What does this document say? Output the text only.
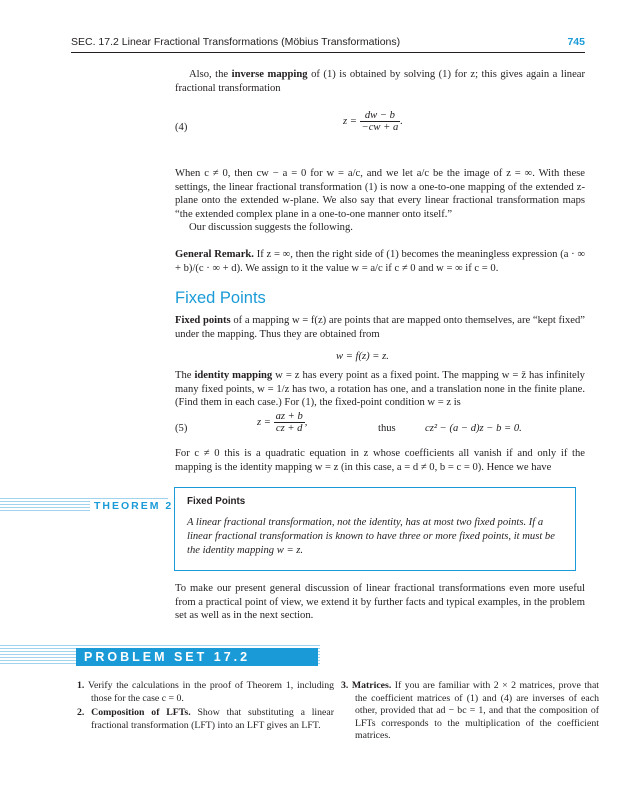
SEC. 17.2 Linear Fractional Transformations (Möbius Transformations)	745
Also, the inverse mapping of (1) is obtained by solving (1) for z; this gives again a linear fractional transformation
(4)
$z = \frac{dw - b}{-cw + a}$ .
When c ≠ 0, then cw − a = 0 for w = a/c, and we let a/c be the image of z = ∞. With these settings, the linear fractional transformation (1) is now a one-to-one mapping of the extended z-plane onto the extended w-plane. We also say that every linear fractional transformation maps “the extended complex plane in a one-to-one manner onto itself.”
Our discussion suggests the following.
General Remark. If z = ∞, then the right side of (1) becomes the meaningless expression (a · ∞ + b)/(c · ∞ + d). We assign to it the value w = a/c if c ≠ 0 and w = ∞ if c = 0.
Fixed Points
Fixed points of a mapping w = f(z) are points that are mapped onto themselves, are “kept fixed” under the mapping. Thus they are obtained from
w = f(z) = z.
The identity mapping w = z has every point as a fixed point. The mapping w = z̄ has infinitely many fixed points, w = 1/z has two, a rotation has one, and a translation none in the finite plane. (Find them in each case.) For (1), the fixed-point condition w = z is
(5)
$z = \frac{az + b}{cz + d}$ ,
thus	cz² − (a − d)z − b = 0.
For c ≠ 0 this is a quadratic equation in z whose coefficients all vanish if and only if the mapping is the identity mapping w = z (in this case, a = d ≠ 0, b = c = 0). Hence we have
THEOREM 2	Fixed Points
A linear fractional transformation, not the identity, has at most two fixed points. If a linear fractional transformation is known to have three or more fixed points, it must be the identity mapping w = z.
To make our present general discussion of linear fractional transformations even more useful from a practical point of view, we extend it by further facts and typical examples, in the problem set as well as in the next section.
PROBLEM SET 17.2
1. Verify the calculations in the proof of Theorem 1, including those for the case c = 0.
2. Composition of LFTs. Show that substituting a linear fractional transformation (LFT) into an LFT gives an LFT.
3. Matrices. If you are familiar with 2 × 2 matrices, prove that the coefficient matrices of (1) and (4) are inverses of each other, provided that ad − bc = 1, and that the composition of LFTs corresponds to the multiplication of the coefficient matrices.
